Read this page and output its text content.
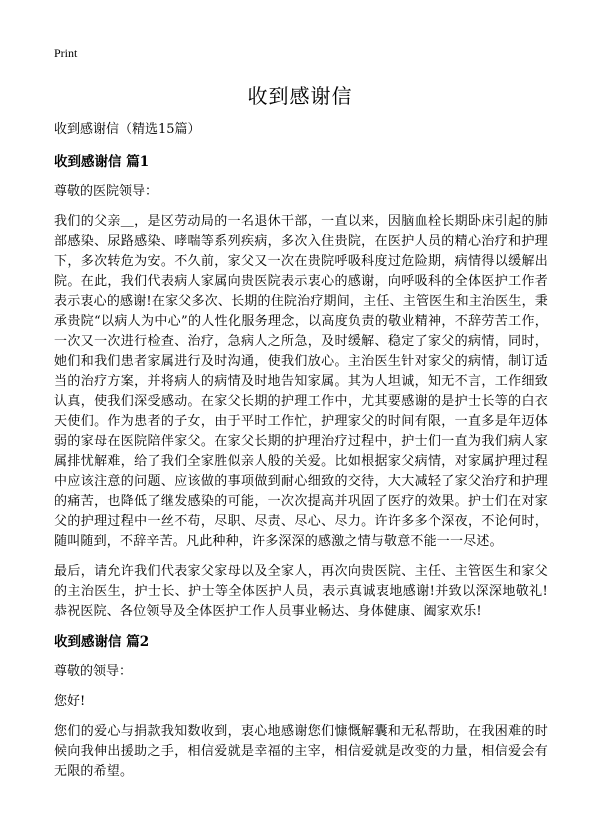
Print
收到感谢信

收到感谢信（精选15篇）

收到感谢信 篇1

尊敬的医院领导：

我们的父亲＿，是区劳动局的一名退休干部，一直以来，因脑血栓长期卧床引起的肺部感染、尿路感染、哮喘等系列疾病，多次入住贵院，在医护人员的精心治疗和护理下，多次转危为安。不久前，家父又一次在贵院呼吸科度过危险期，病情得以缓解出院。在此，我们代表病人家属向贵医院表示衷心的感谢，向呼吸科的全体医护工作者表示衷心的感谢!在家父多次、长期的住院治疗期间，主任、主管医生和主治医生，秉承贵院“以病人为中心”的人性化服务理念，以高度负责的敬业精神，不辞劳苦工作，一次又一次进行检查、治疗，急病人之所急，及时缓解、稳定了家父的病情，同时，她们和我们患者家属进行及时沟通，使我们放心。主治医生针对家父的病情，制订适当的治疗方案，并将病人的病情及时地告知家属。其为人坦诚，知无不言，工作细致认真，使我们深受感动。在家父长期的护理工作中，尤其要感谢的是护士长等的白衣天使们。作为患者的子女，由于平时工作忙，护理家父的时间有限，一直多是年迈体弱的家母在医院陪伴家父。在家父长期的护理治疗过程中，护士们一直为我们病人家属排忧解难，给了我们全家胜似亲人般的关爱。比如根据家父病情，对家属护理过程中应该注意的问题、应该做的事项做到耐心细致的交待，大大减轻了家父治疗和护理的痛苦，也降低了继发感染的可能，一次次提高并巩固了医疗的效果。护士们在对家父的护理过程中一丝不苟，尽职、尽责、尽心、尽力。许许多多个深夜，不论何时，随叫随到，不辞辛苦。凡此种种，许多深深的感激之情与敬意不能一一尽述。

最后，请允许我们代表家父家母以及全家人，再次向贵医院、主任、主管医生和家父的主治医生，护士长、护士等全体医护人员，表示真诚衷地感谢!并致以深深地敬礼!恭祝医院、各位领导及全体医护工作人员事业畅达、身体健康、阖家欢乐!

收到感谢信 篇2

尊敬的领导：

您好!

您们的爱心与捐款我知数收到，衷心地感谢您们慷慨解囊和无私帮助，在我困难的时候向我伸出援助之手，相信爱就是幸福的主宰，相信爱就是改变的力量，相信爱会有无限的希望。
